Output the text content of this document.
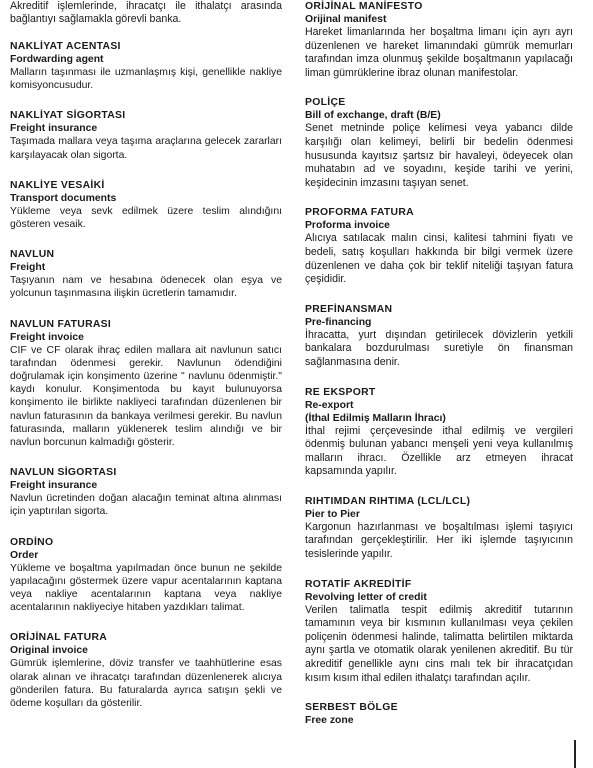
Akreditif işlemlerinde, ihracatçı ile ithalatçı arasında bağlantıyı sağlamakla görevli banka.

NAKLİYAT ACENTASI

Fordwarding agent

Malların taşınması ile uzmanlaşmış kişi, genellikle nakliye komisyoncusudur.

NAKLİYAT SİGORTASI

Freight insurance

Taşımada mallara veya taşıma araçlarına gelecek zararları karşılayacak olan sigorta.

NAKLİYE VESAİKİ

Transport documents

Yükleme veya sevk edilmek üzere teslim alındığını gösteren vesaik.

NAVLUN

Freight

Taşıyanın nam ve hesabına ödenecek olan eşya ve yolcunun taşınmasına ilişkin ücretlerin tamamıdır.

NAVLUN FATURASI

Freight invoice

CIF ve CF olarak ihraç edilen mallara ait navlunun satıcı tarafından ödenmesi gerekir. Navlunun ödendiğini doğrulamak için konşimento üzerine " navlunu ödenmiştir." kaydı konulur. Konşimentoda bu kayıt bulunuyorsa konşimento ile birlikte nakliyeci tarafından düzenlenen bir navlun faturasının da bankaya verilmesi gerekir. Bu navlun faturasında, malların yüklenerek teslim alındığı ve bir navlun borcunun kalmadığı gösterir.

NAVLUN SİGORTASI

Freight insurance

Navlun ücretinden doğan alacağın teminat altına alınması için yaptırılan sigorta.

ORDİNO

Order

Yükleme ve boşaltma yapılmadan önce bunun ne şekilde yapılacağını göstermek üzere vapur acentalarının kaptana veya nakliye acentalarının kaptana veya nakliye acentalarının nakliyeciye hitaben yazdıkları talimat.

ORİJİNAL FATURA

Original invoice

Gümrük işlemlerine, döviz transfer ve taahhütlerine esas olarak alınan ve ihracatçı tarafından düzenlenerek alıcıya gönderilen fatura. Bu faturalarda ayrıca satışın şekli ve ödeme koşulları da gösterilir.

ORİJİNAL MANİFESTO

Orijinal manifest

Hareket limanlarında her boşaltma limanı için ayrı ayrı düzenlenen ve hareket limanındaki gümrük memurları tarafından imza olunmuş şekilde boşaltmanın yapılacağı liman gümrüklerine ibraz olunan manifestolar.

POLİÇE

Bill of exchange, draft (B/E)

Senet metninde poliçe kelimesi veya yabancı dilde karşılığı olan kelimeyi, belirli bir bedelin ödenmesi hususunda kayıtsız şartsız bir havaleyi, ödeyecek olan muhatabın ad ve soyadını, keşide tarihi ve yerini, keşidecinin imzasını taşıyan senet.

PROFORMA FATURA

Proforma invoice

Alıcıya satılacak malın cinsi, kalitesi tahmini fiyatı ve bedeli, satış koşulları hakkında bir bilgi vermek üzere düzenlenen ve daha çok bir teklif niteliği taşıyan fatura çeşididir.

PREFİNANSMAN

Pre-financing

İhracatta, yurt dışından getirilecek dövizlerin yetkili bankalara bozdurulması suretiyle ön finansman sağlanmasına denir.

RE EKSPORT

Re-export
(İthal Edilmiş Malların İhracı)

İthal rejimi çerçevesinde ithal edilmiş ve vergileri ödenmiş bulunan yabancı menşeli yeni veya kullanılmış malların ihracı. Özellikle arz etmeyen ihracat kapsamında yapılır.

RIHTIMDAN RIHTIMA (LCL/LCL)

Pier to Pier

Kargonun hazırlanması ve boşaltılması işlemi taşıyıcı tarafından gerçekleştirilir. Her iki işlemde taşıyıcının tesislerinde yapılır.

ROTATİF AKREDİTİF

Revolving letter of credit

Verilen talimatla tespit edilmiş akreditif tutarının tamamının veya bir kısmının kullanılması veya çekilen poliçenin ödenmesi halinde, talimatta belirtilen miktarda aynı şartla ve otomatik olarak yenilenen akreditif. Bu tür akreditif genellikle aynı cins malı tek bir ihracatçıdan kısım kısım ithal edilen ithalatçı tarafından açılır.

SERBEST BÖLGE

Free zone
